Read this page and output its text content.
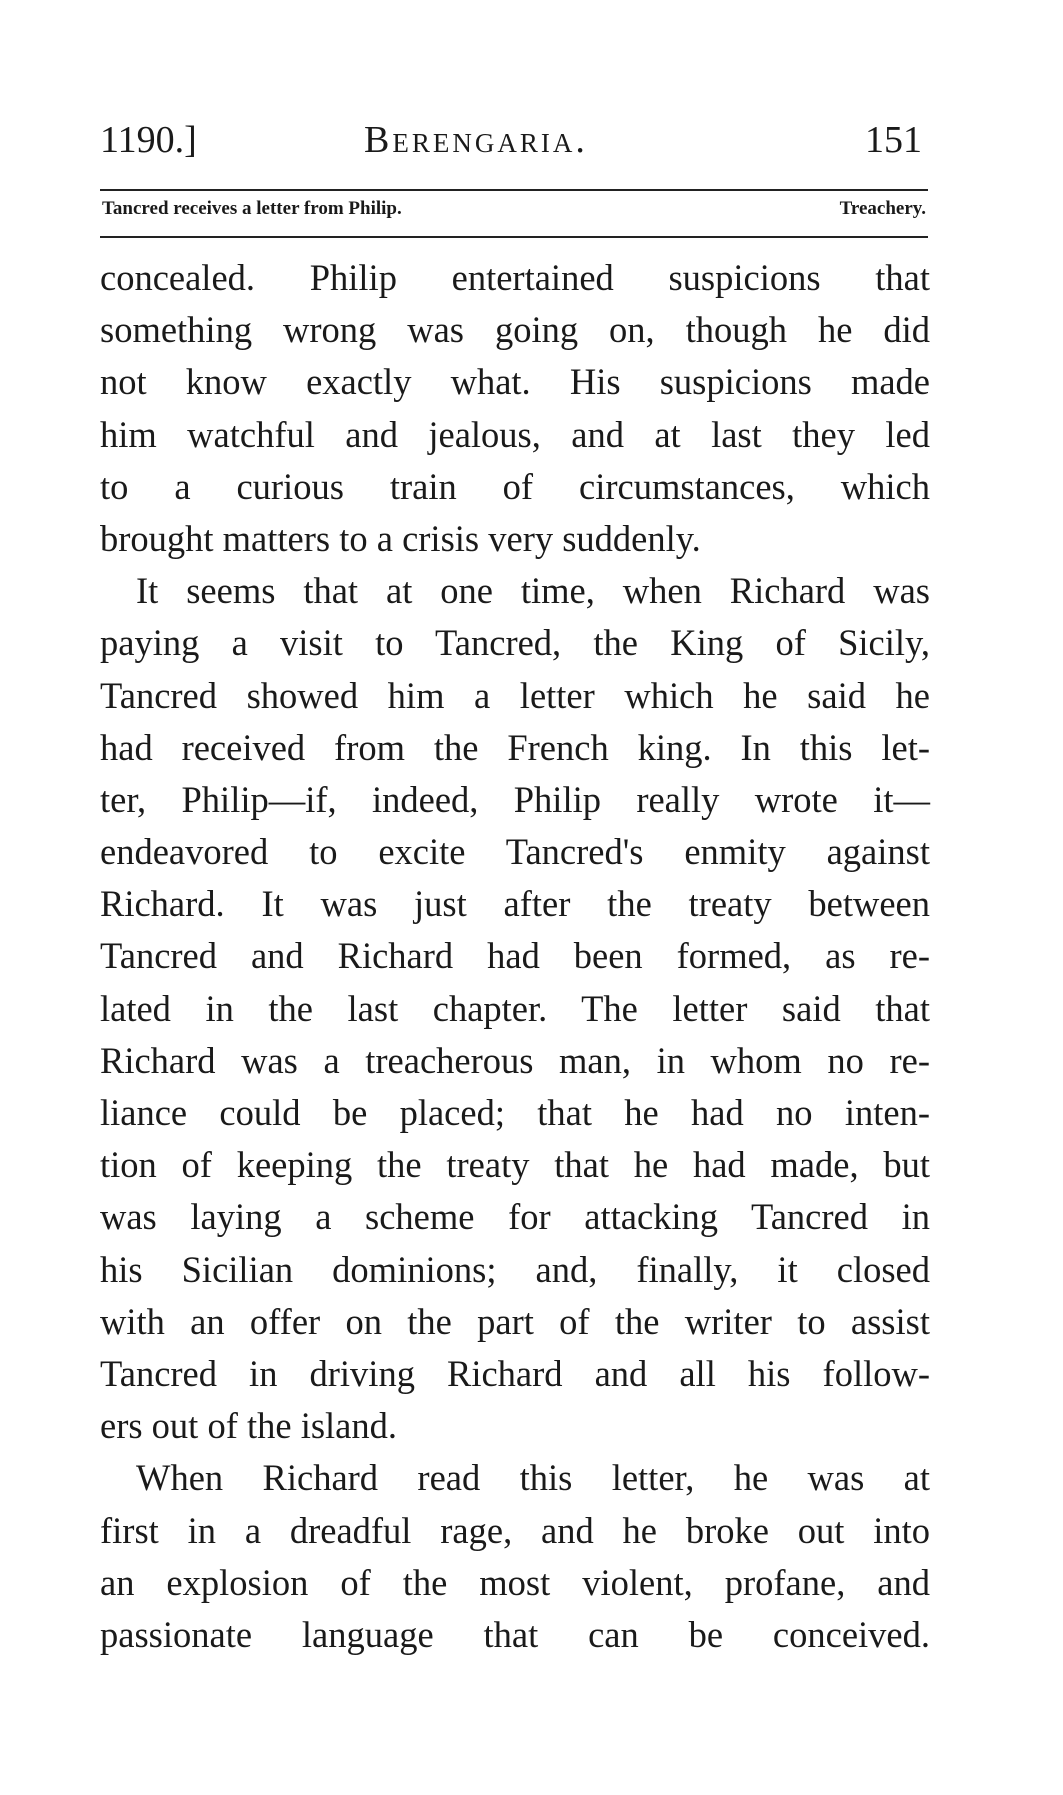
1190.]	Berengaria.	151
Tancred receives a letter from Philip.	Treachery.
concealed. Philip entertained suspicions that
something wrong was going on, though he did
not know exactly what. His suspicions made
him watchful and jealous, and at last they led
to a curious train of circumstances, which
brought matters to a crisis very suddenly.
It seems that at one time, when Richard was
paying a visit to Tancred, the King of Sicily,
Tancred showed him a letter which he said he
had received from the French king. In this let-
ter, Philip—if, indeed, Philip really wrote it—
endeavored to excite Tancred's enmity against
Richard. It was just after the treaty between
Tancred and Richard had been formed, as re-
lated in the last chapter. The letter said that
Richard was a treacherous man, in whom no re-
liance could be placed; that he had no inten-
tion of keeping the treaty that he had made, but
was laying a scheme for attacking Tancred in
his Sicilian dominions; and, finally, it closed
with an offer on the part of the writer to assist
Tancred in driving Richard and all his follow-
ers out of the island.
When Richard read this letter, he was at
first in a dreadful rage, and he broke out into
an explosion of the most violent, profane, and
passionate language that can be conceived.
